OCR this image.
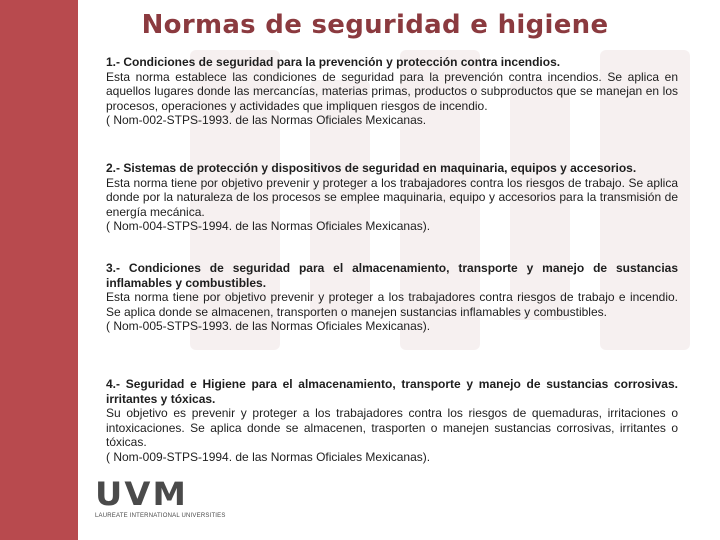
Normas de seguridad e higiene
1.- Condiciones de seguridad para la prevención y protección contra incendios.
Esta norma establece las condiciones de seguridad para la prevención contra incendios. Se aplica en aquellos lugares donde las mercancías, materias primas, productos o subproductos que se manejan en los procesos, operaciones y actividades que impliquen riesgos de incendio.
( Nom-002-STPS-1993. de las Normas Oficiales Mexicanas.
2.- Sistemas de protección y dispositivos de seguridad en maquinaria, equipos y accesorios.
Esta norma tiene por objetivo prevenir y proteger a los trabajadores contra los riesgos de trabajo. Se aplica donde por la naturaleza de los procesos se emplee maquinaria, equipo y accesorios para la transmisión de energía mecánica.
( Nom-004-STPS-1994. de las Normas Oficiales Mexicanas).
3.- Condiciones de seguridad para el almacenamiento, transporte y manejo de sustancias inflamables y combustibles.
Esta norma tiene por objetivo prevenir y proteger a los trabajadores contra riesgos de trabajo e incendio. Se aplica donde se almacenen, transporten o manejen sustancias inflamables y combustibles.
( Nom-005-STPS-1993. de las Normas Oficiales Mexicanas).
4.- Seguridad e Higiene para el almacenamiento, transporte y manejo de sustancias corrosivas. irritantes y tóxicas.
Su objetivo es prevenir y proteger a los trabajadores contra los riesgos de quemaduras, irritaciones o intoxicaciones. Se aplica donde se almacenen, trasporten o manejen sustancias corrosivas, irritantes o tóxicas.
( Nom-009-STPS-1994. de las Normas Oficiales Mexicanas).
UVM
LAUREATE INTERNATIONAL UNIVERSITIES
